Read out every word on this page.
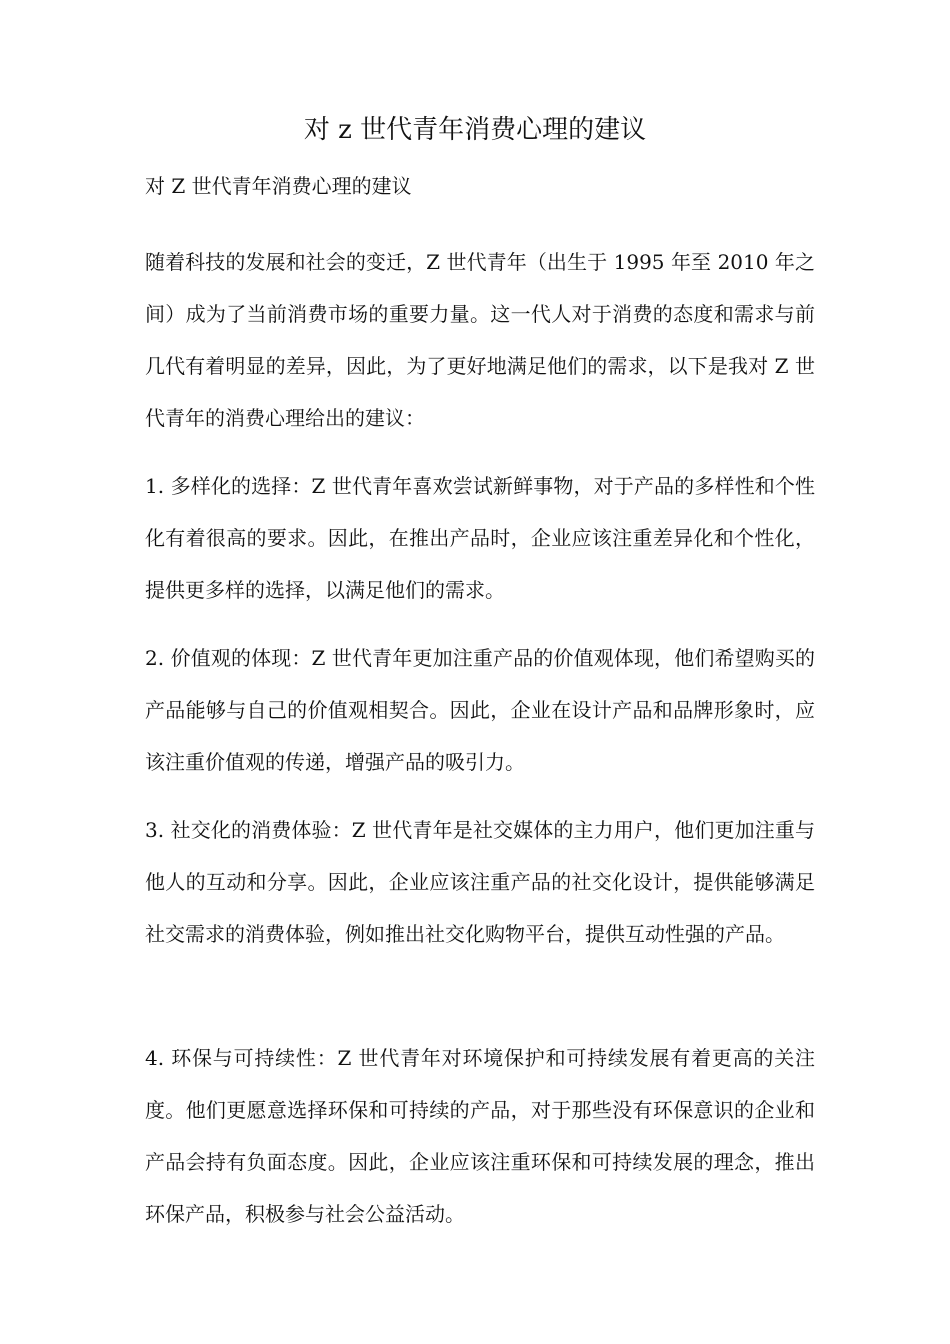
对 z 世代青年消费心理的建议

对 Z 世代青年消费心理的建议

随着科技的发展和社会的变迁，Z 世代青年（出生于 1995 年至 2010 年之间）成为了当前消费市场的重要力量。这一代人对于消费的态度和需求与前几代有着明显的差异，因此，为了更好地满足他们的需求，以下是我对 Z 世代青年的消费心理给出的建议：

1. 多样化的选择：Z 世代青年喜欢尝试新鲜事物，对于产品的多样性和个性化有着很高的要求。因此，在推出产品时，企业应该注重差异化和个性化，提供更多样的选择，以满足他们的需求。

2. 价值观的体现：Z 世代青年更加注重产品的价值观体现，他们希望购买的产品能够与自己的价值观相契合。因此，企业在设计产品和品牌形象时，应该注重价值观的传递，增强产品的吸引力。

3. 社交化的消费体验：Z 世代青年是社交媒体的主力用户，他们更加注重与他人的互动和分享。因此，企业应该注重产品的社交化设计，提供能够满足社交需求的消费体验，例如推出社交化购物平台，提供互动性强的产品。

4. 环保与可持续性：Z 世代青年对环境保护和可持续发展有着更高的关注度。他们更愿意选择环保和可持续的产品，对于那些没有环保意识的企业和产品会持有负面态度。因此，企业应该注重环保和可持续发展的理念，推出环保产品，积极参与社会公益活动。
